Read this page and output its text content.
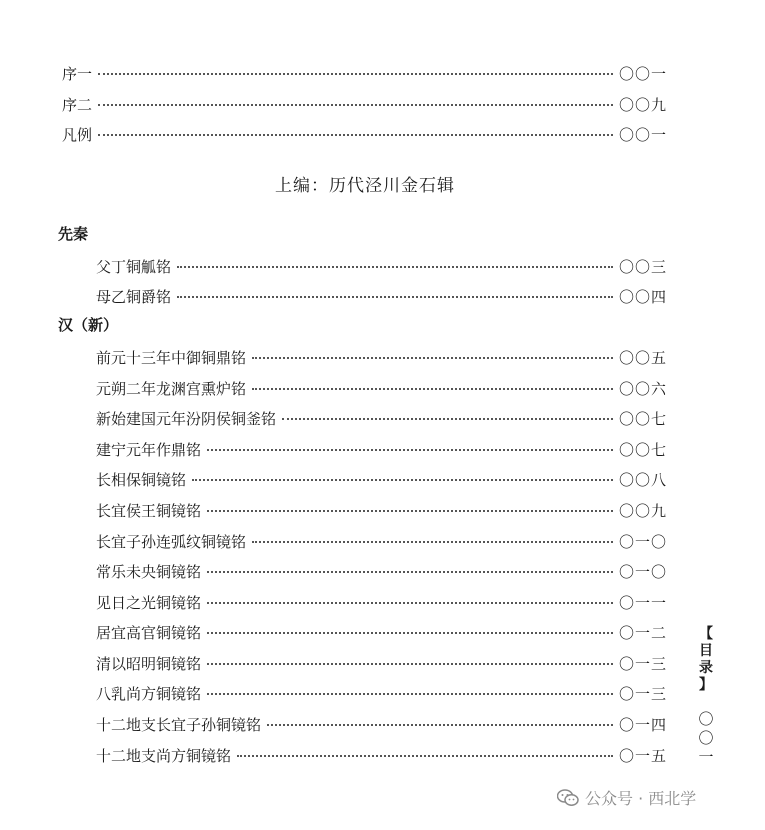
序一	〇〇一
序二	〇〇九
凡例	〇〇一
上编：历代泾川金石辑
先秦
父丁铜觚铭	〇〇三
母乙铜爵铭	〇〇四
汉（新）
前元十三年中御铜鼎铭	〇〇五
元朔二年龙渊宫熏炉铭	〇〇六
新始建国元年汾阴侯铜釜铭	〇〇七
建宁元年作鼎铭	〇〇七
长相保铜镜铭	〇〇八
长宜侯王铜镜铭	〇〇九
长宜子孙连弧纹铜镜铭	〇一〇
常乐未央铜镜铭	〇一〇
见日之光铜镜铭	〇一一
居宜高官铜镜铭	〇一二
清以昭明铜镜铭	〇一三
八乳尚方铜镜铭	〇一三
十二地支长宜子孙铜镜铭	〇一四
十二地支尚方铜镜铭	〇一五
【
目
录
】
〇
〇
一
公众号 · 西北学
